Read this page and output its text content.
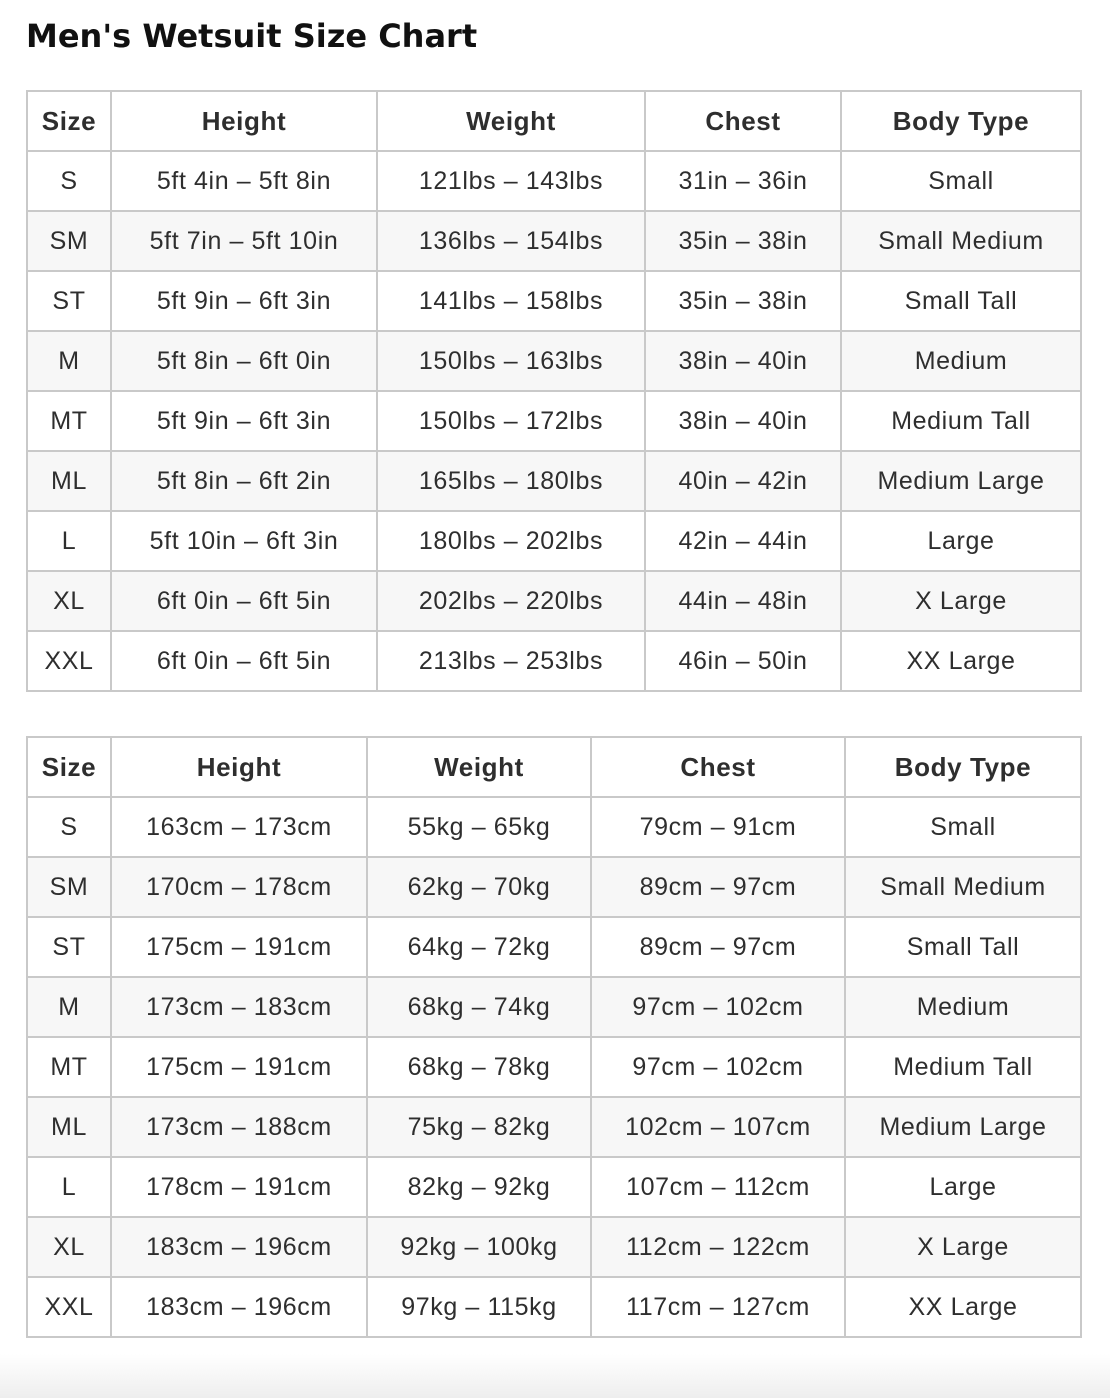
Men's Wetsuit Size Chart
Size	Height	Weight	Chest	Body Type
S	5ft 4in – 5ft 8in	121lbs – 143lbs	31in – 36in	Small
SM	5ft 7in – 5ft 10in	136lbs – 154lbs	35in – 38in	Small Medium
ST	5ft 9in – 6ft 3in	141lbs – 158lbs	35in – 38in	Small Tall
M	5ft 8in – 6ft 0in	150lbs – 163lbs	38in – 40in	Medium
MT	5ft 9in – 6ft 3in	150lbs – 172lbs	38in – 40in	Medium Tall
ML	5ft 8in – 6ft 2in	165lbs – 180lbs	40in – 42in	Medium Large
L	5ft 10in – 6ft 3in	180lbs – 202lbs	42in – 44in	Large
XL	6ft 0in – 6ft 5in	202lbs – 220lbs	44in – 48in	X Large
XXL	6ft 0in – 6ft 5in	213lbs – 253lbs	46in – 50in	XX Large
Size	Height	Weight	Chest	Body Type
S	163cm – 173cm	55kg – 65kg	79cm – 91cm	Small
SM	170cm – 178cm	62kg – 70kg	89cm – 97cm	Small Medium
ST	175cm – 191cm	64kg – 72kg	89cm – 97cm	Small Tall
M	173cm – 183cm	68kg – 74kg	97cm – 102cm	Medium
MT	175cm – 191cm	68kg – 78kg	97cm – 102cm	Medium Tall
ML	173cm – 188cm	75kg – 82kg	102cm – 107cm	Medium Large
L	178cm – 191cm	82kg – 92kg	107cm – 112cm	Large
XL	183cm – 196cm	92kg – 100kg	112cm – 122cm	X Large
XXL	183cm – 196cm	97kg – 115kg	117cm – 127cm	XX Large
